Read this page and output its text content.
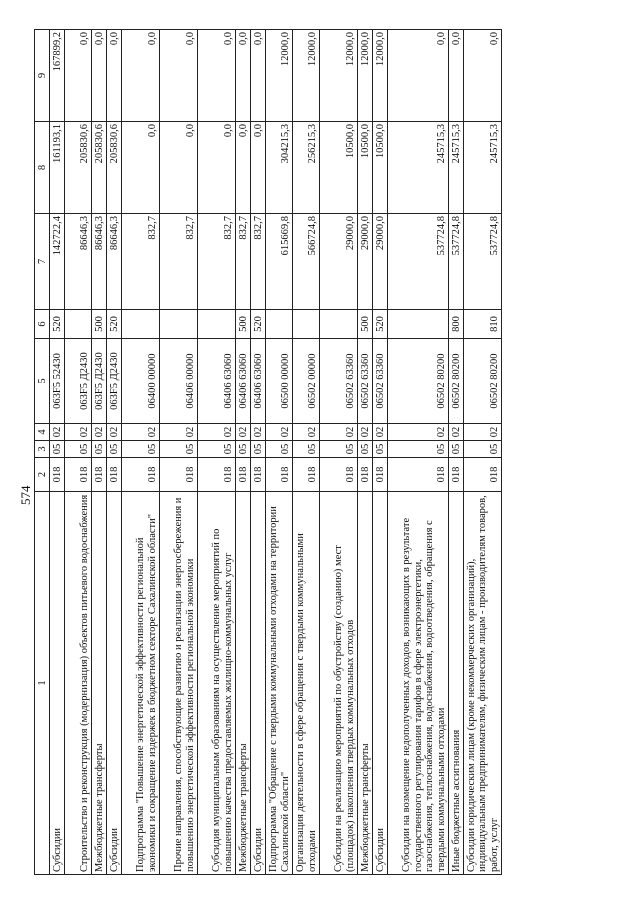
574
1	2	3	4	5	6	7	8	9
Субсидии	018	05	02	063F5 52430	520	142722,4	161193,1	167899,2
Строительство и реконструкция (модернизация) объектов питьевого водоснабжения	018	05	02	063F5 Д2430		86646,3	205830,6	0,0
Межбюджетные трансферты	018	05	02	063F5 Д2430	500	86646,3	205830,6	0,0
Субсидии	018	05	02	063F5 Д2430	520	86646,3	205830,6	0,0
Подпрограмма "Повышение энергетической эффективности региональной экономики и сокращение издержек в бюджетном секторе Сахалинской области"	018	05	02	06400 00000		832,7	0,0	0,0
Прочие направления, способствующие развитию и реализации энергосбережения и повышению энергетической эффективности региональной экономики	018	05	02	06406 00000		832,7	0,0	0,0
Субсидия муниципальным образованиям на осуществление мероприятий по повышению качества предоставляемых жилищно-коммунальных услуг	018	05	02	06406 63060		832,7	0,0	0,0
Межбюджетные трансферты	018	05	02	06406 63060	500	832,7	0,0	0,0
Субсидии	018	05	02	06406 63060	520	832,7	0,0	0,0
Подпрограмма "Обращение с твердыми коммунальными отходами на территории Сахалинской области"	018	05	02	06500 00000		615669,8	304215,3	12000,0
Организация деятельности в сфере обращения с твердыми коммунальными отходами	018	05	02	06502 00000		566724,8	256215,3	12000,0
Субсидии на реализацию мероприятий по обустройству (созданию) мест (площадок) накопления твердых коммунальных отходов	018	05	02	06502 63360		29000,0	10500,0	12000,0
Межбюджетные трансферты	018	05	02	06502 63360	500	29000,0	10500,0	12000,0
Субсидии	018	05	02	06502 63360	520	29000,0	10500,0	12000,0
Субсидии на возмещение недополученных доходов, возникающих в результате государственного регулирования тарифов в сфере электроэнергетики, газоснабжения, теплоснабжения, водоснабжения, водоотведения, обращения с твердыми коммунальными отходами	018	05	02	06502 80200		537724,8	245715,3	0,0
Иные бюджетные ассигнования	018	05	02	06502 80200	800	537724,8	245715,3	0,0
Субсидии юридическим лицам (кроме некоммерческих организаций), индивидуальным предпринимателям, физическим лицам - производителям товаров, работ, услуг	018	05	02	06502 80200	810	537724,8	245715,3	0,0
